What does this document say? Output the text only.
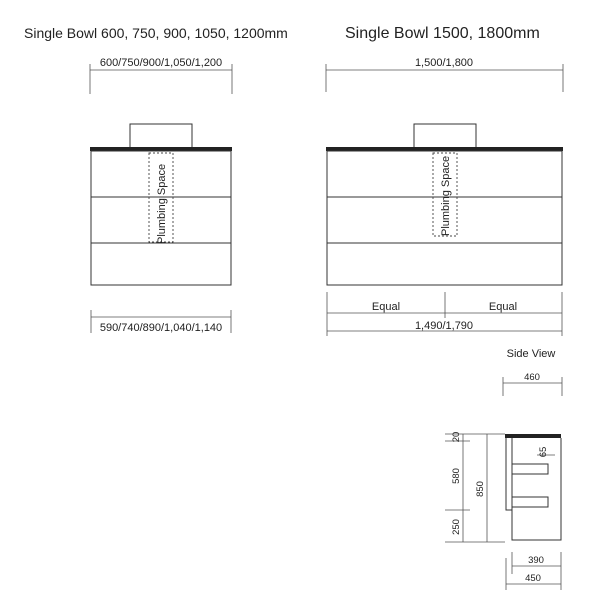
Single Bowl 600, 750, 900, 1050, 1200mm
600/750/900/1,050/1,200
Plumbing Space
590/740/890/1,040/1,140
Single Bowl 1500, 1800mm
1,500/1,800
Plumbing Space
Equal	Equal
1,490/1,790
Side View
460
65
20
580
250
850
390
450
